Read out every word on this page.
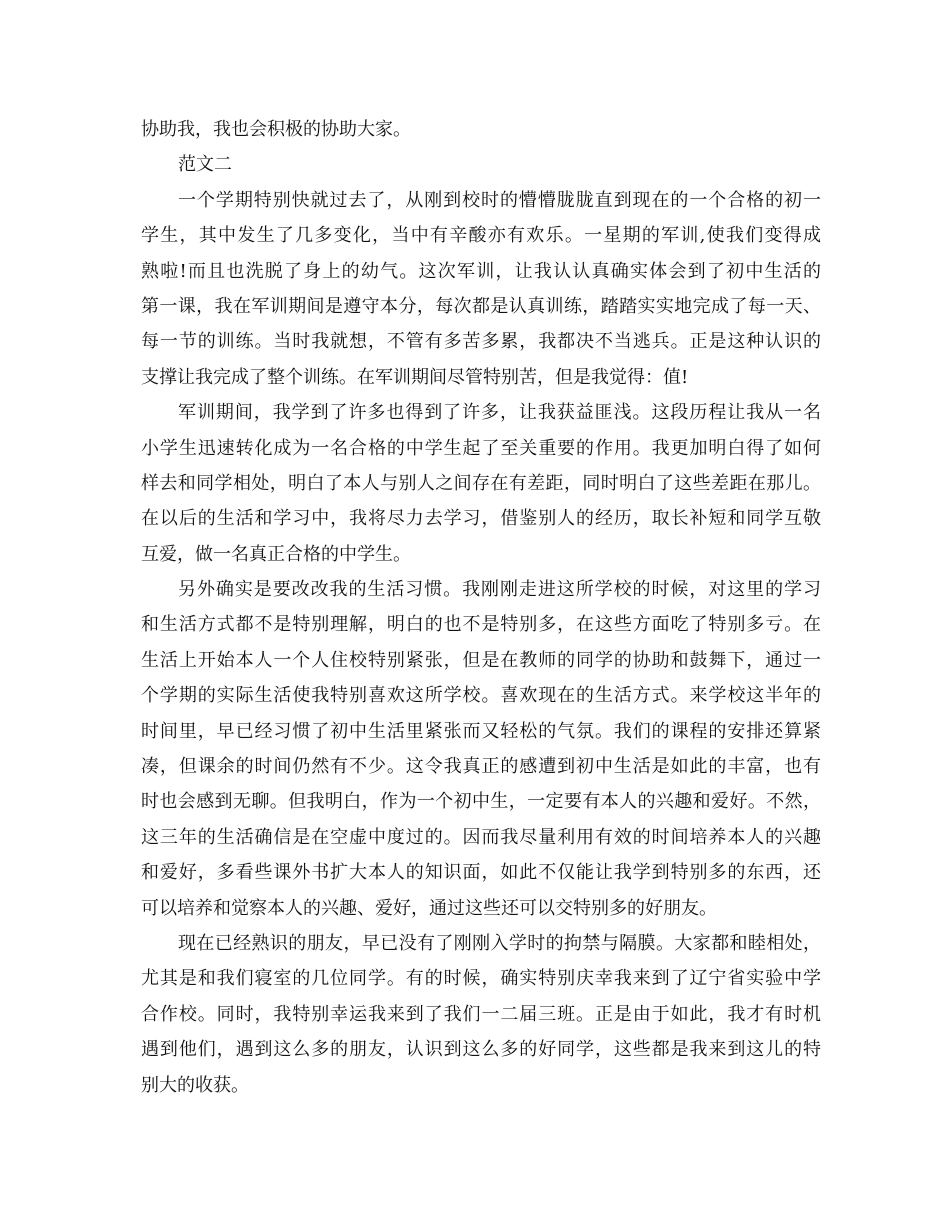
协助我，我也会积极的协助大家。
范文二
一个学期特别快就过去了，从刚到校时的懵懵胧胧直到现在的一个合格的初一
学生，其中发生了几多变化，当中有辛酸亦有欢乐。一星期的军训,使我们变得成
熟啦!而且也洗脱了身上的幼气。这次军训，让我认认真确实体会到了初中生活的
第一课，我在军训期间是遵守本分，每次都是认真训练，踏踏实实地完成了每一天、
每一节的训练。当时我就想，不管有多苦多累，我都决不当逃兵。正是这种认识的
支撑让我完成了整个训练。在军训期间尽管特别苦，但是我觉得：值!
军训期间，我学到了许多也得到了许多，让我获益匪浅。这段历程让我从一名
小学生迅速转化成为一名合格的中学生起了至关重要的作用。我更加明白得了如何
样去和同学相处，明白了本人与别人之间存在有差距，同时明白了这些差距在那儿。
在以后的生活和学习中，我将尽力去学习，借鉴别人的经历，取长补短和同学互敬
互爱，做一名真正合格的中学生。
另外确实是要改改我的生活习惯。我刚刚走进这所学校的时候，对这里的学习
和生活方式都不是特别理解，明白的也不是特别多，在这些方面吃了特别多亏。在
生活上开始本人一个人住校特别紧张，但是在教师的同学的协助和鼓舞下，通过一
个学期的实际生活使我特别喜欢这所学校。喜欢现在的生活方式。来学校这半年的
时间里，早已经习惯了初中生活里紧张而又轻松的气氛。我们的课程的安排还算紧
凑，但课余的时间仍然有不少。这令我真正的感遭到初中生活是如此的丰富，也有
时也会感到无聊。但我明白，作为一个初中生，一定要有本人的兴趣和爱好。不然，
这三年的生活确信是在空虚中度过的。因而我尽量利用有效的时间培养本人的兴趣
和爱好，多看些课外书扩大本人的知识面，如此不仅能让我学到特别多的东西，还
可以培养和觉察本人的兴趣、爱好，通过这些还可以交特别多的好朋友。
现在已经熟识的朋友，早已没有了刚刚入学时的拘禁与隔膜。大家都和睦相处，
尤其是和我们寝室的几位同学。有的时候，确实特别庆幸我来到了辽宁省实验中学
合作校。同时，我特别幸运我来到了我们一二届三班。正是由于如此，我才有时机
遇到他们，遇到这么多的朋友，认识到这么多的好同学，这些都是我来到这儿的特
别大的收获。
